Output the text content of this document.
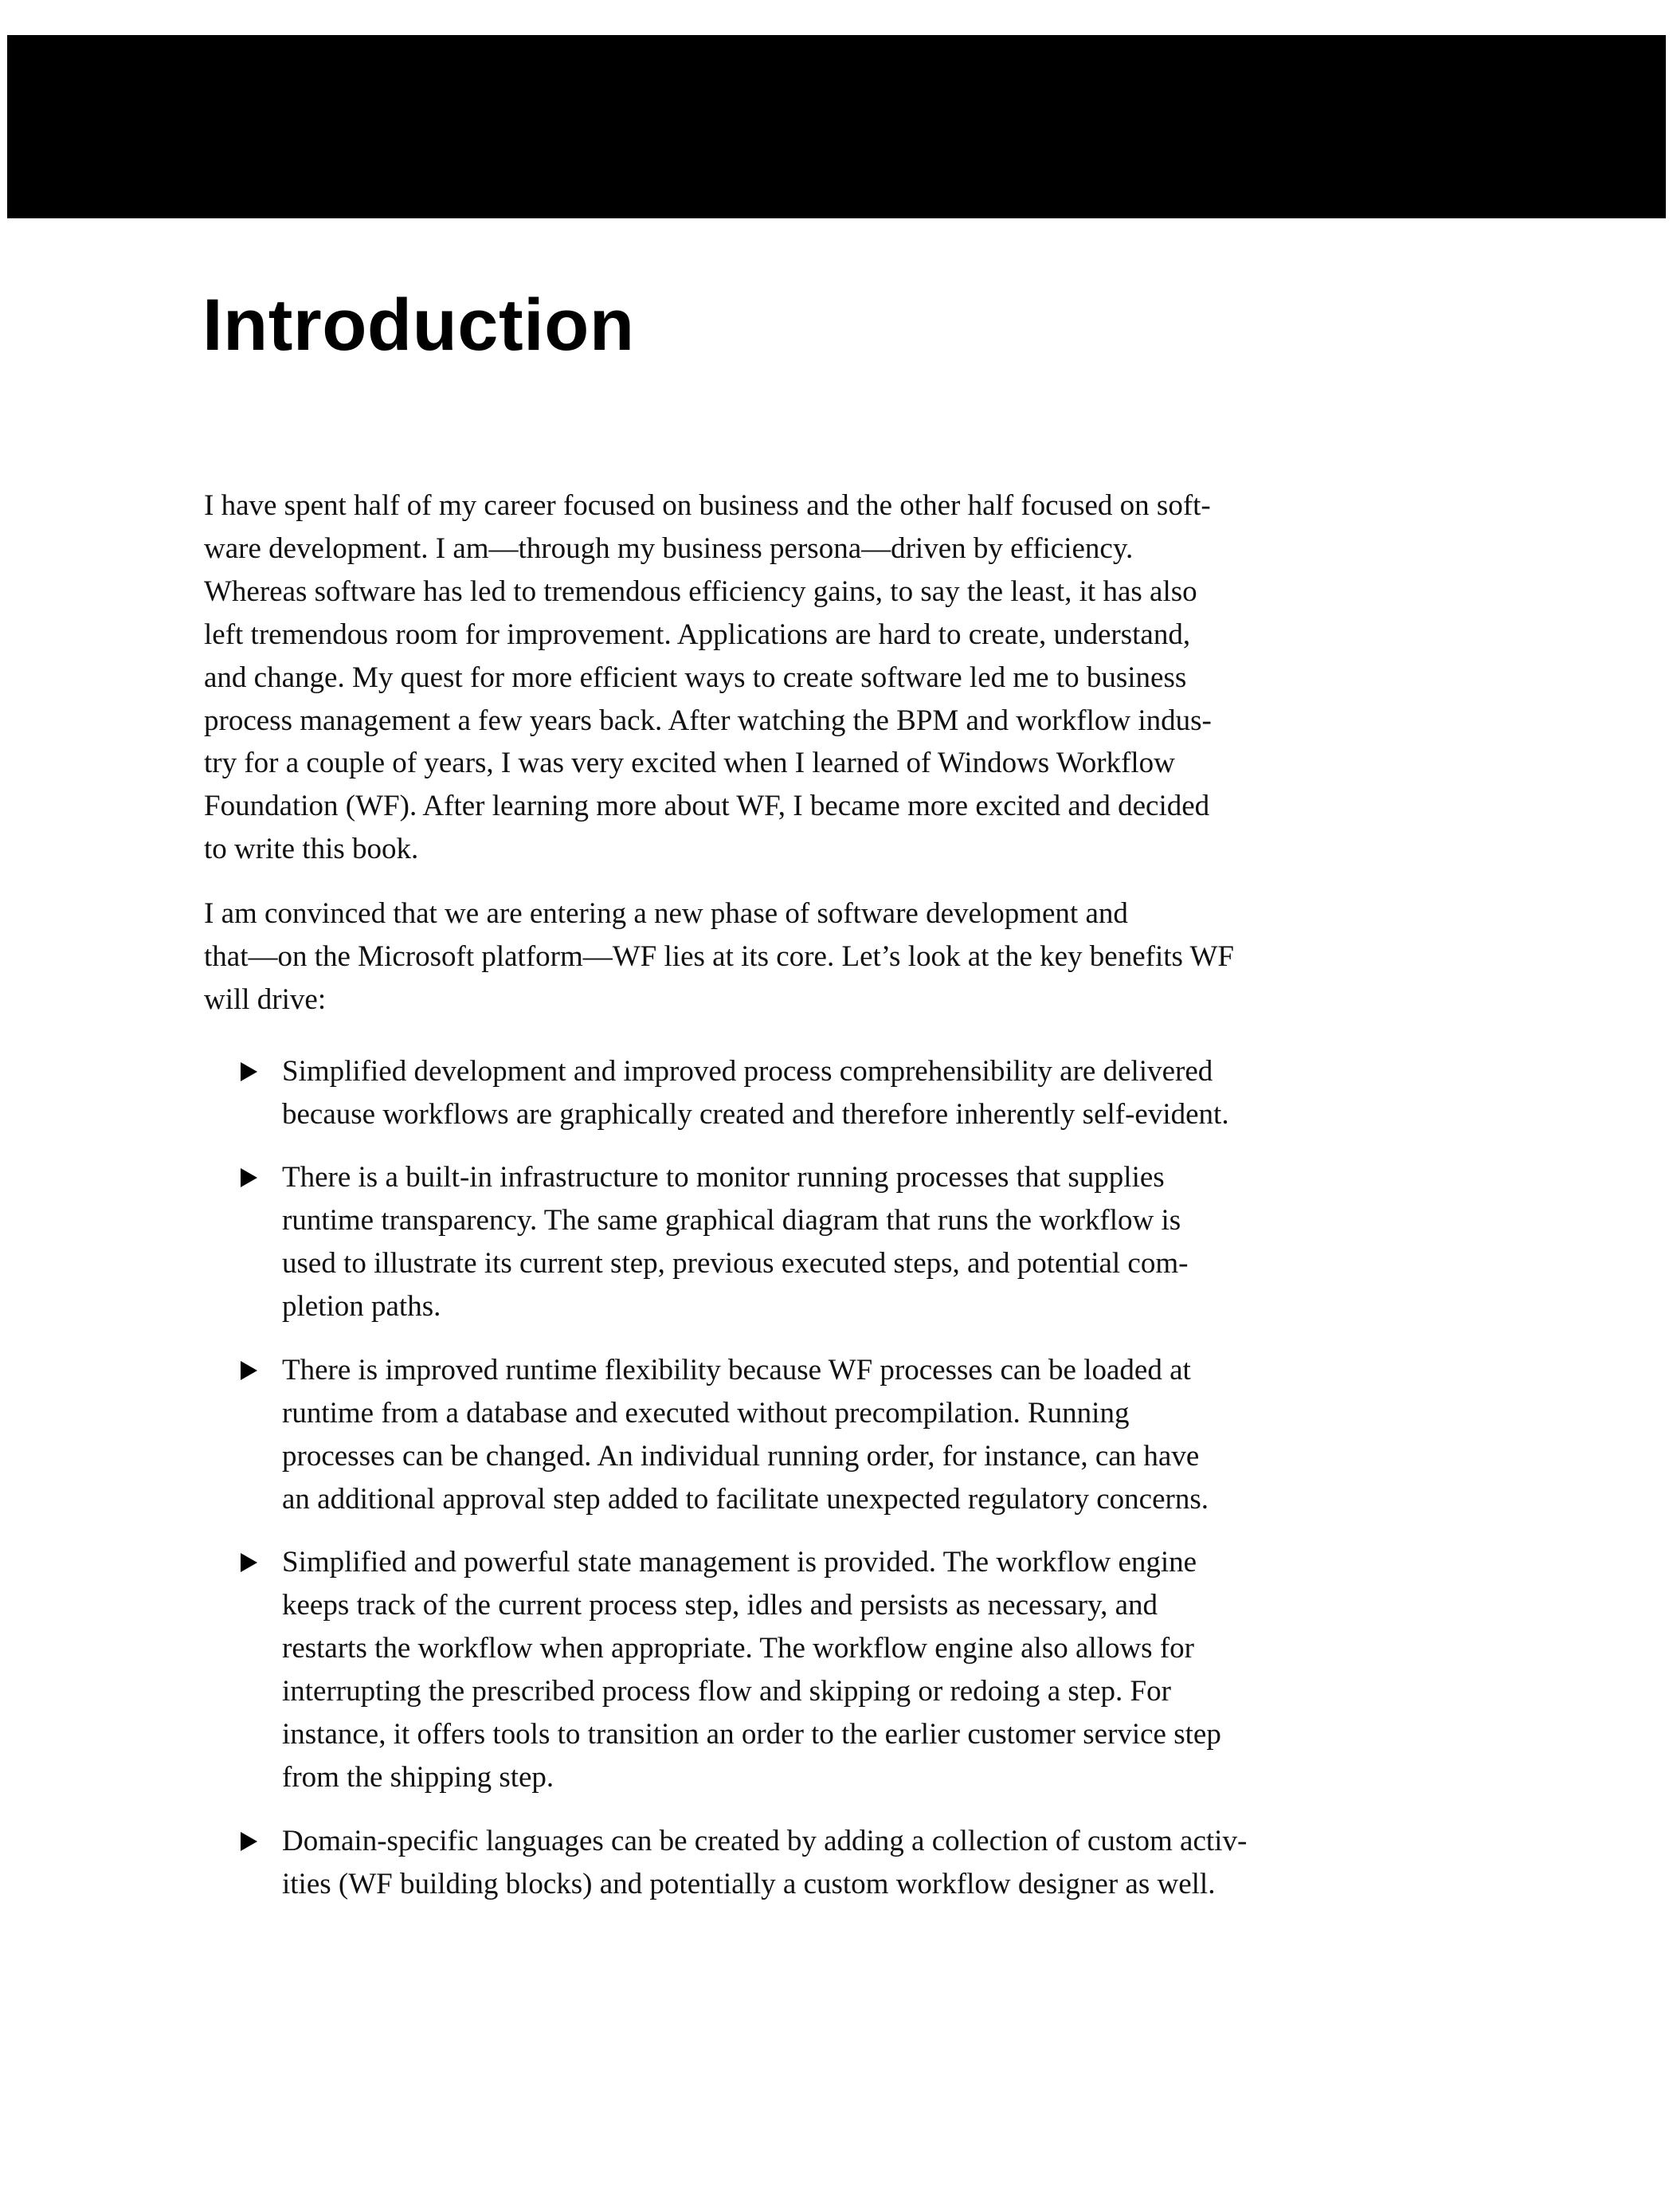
Introduction
I have spent half of my career focused on business and the other half focused on soft-
ware development. I am—through my business persona—driven by efficiency.
Whereas software has led to tremendous efficiency gains, to say the least, it has also
left tremendous room for improvement. Applications are hard to create, understand,
and change. My quest for more efficient ways to create software led me to business
process management a few years back. After watching the BPM and workflow indus-
try for a couple of years, I was very excited when I learned of Windows Workflow
Foundation (WF). After learning more about WF, I became more excited and decided
to write this book.
I am convinced that we are entering a new phase of software development and
that—on the Microsoft platform—WF lies at its core. Let’s look at the key benefits WF
will drive:
Simplified development and improved process comprehensibility are delivered
because workflows are graphically created and therefore inherently self-evident.
There is a built-in infrastructure to monitor running processes that supplies
runtime transparency. The same graphical diagram that runs the workflow is
used to illustrate its current step, previous executed steps, and potential com-
pletion paths.
There is improved runtime flexibility because WF processes can be loaded at
runtime from a database and executed without precompilation. Running
processes can be changed. An individual running order, for instance, can have
an additional approval step added to facilitate unexpected regulatory concerns.
Simplified and powerful state management is provided. The workflow engine
keeps track of the current process step, idles and persists as necessary, and
restarts the workflow when appropriate. The workflow engine also allows for
interrupting the prescribed process flow and skipping or redoing a step. For
instance, it offers tools to transition an order to the earlier customer service step
from the shipping step.
Domain-specific languages can be created by adding a collection of custom activ-
ities (WF building blocks) and potentially a custom workflow designer as well.
